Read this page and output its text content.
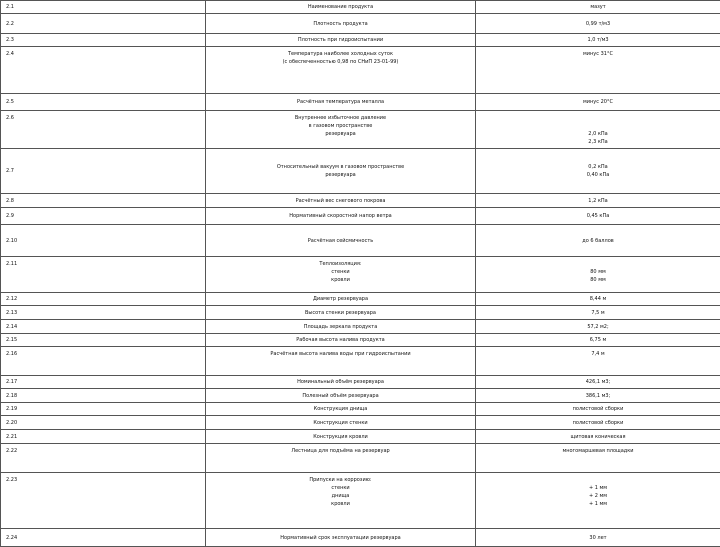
2.1	Наименование продукта	мазут

2.2	Плотность продукта	0,99 т/м3

2.3	Плотность при гидроиспытании	1,0 т/м3

2.4	Температура наиболее холодных суток
(с обеспеченностью 0,98 по СНиП 23-01-99)	минус 31°С

2.5	Расчётная температура металла	минус 20°С

2.6	Внутреннее избыточное давление
в газовом пространстве
резервуара	2,0 кПа
2,3 кПа

2.7	Относительный вакуум в газовом пространстве
резервуара	0,2 кПа
0,40 кПа

2.8	Расчётный вес снегового покрова	1,2 кПа

2.9	Нормативный скоростной напор ветра	0,45 кПа

2.10	Расчётная сейсмичность	до 6 баллов

2.11	Теплоизоляция:
стенки
кровли	80 мм
80 мм

2.12	Диаметр резервуара	8,44 м

2.13	Высота стенки резервуара	7,5 м

2.14	Площадь зеркала продукта	57,2 м2;

2.15	Рабочая высота налива продукта	6,75 м

2.16	Расчётная высота налива воды при гидроиспытании	7,4 м

2.17	Номинальный объём резервуара	426,1 м3;

2.18	Полезный объём резервуара	386,1 м3;

2.19	Конструкция днища	полистовой сборки

2.20	Конструкция стенки	полистовой сборки

2.21	Конструкция кровли	щитовая коническая

2.22	Лестница для подъёма на резервуар	многомаршевая площадки

2.23	Припуски на коррозию:
стенки
днища
кровли	+ 1 мм
+ 2 мм
+ 1 мм

2.24	Нормативный срок эксплуатации резервуара	30 лет
